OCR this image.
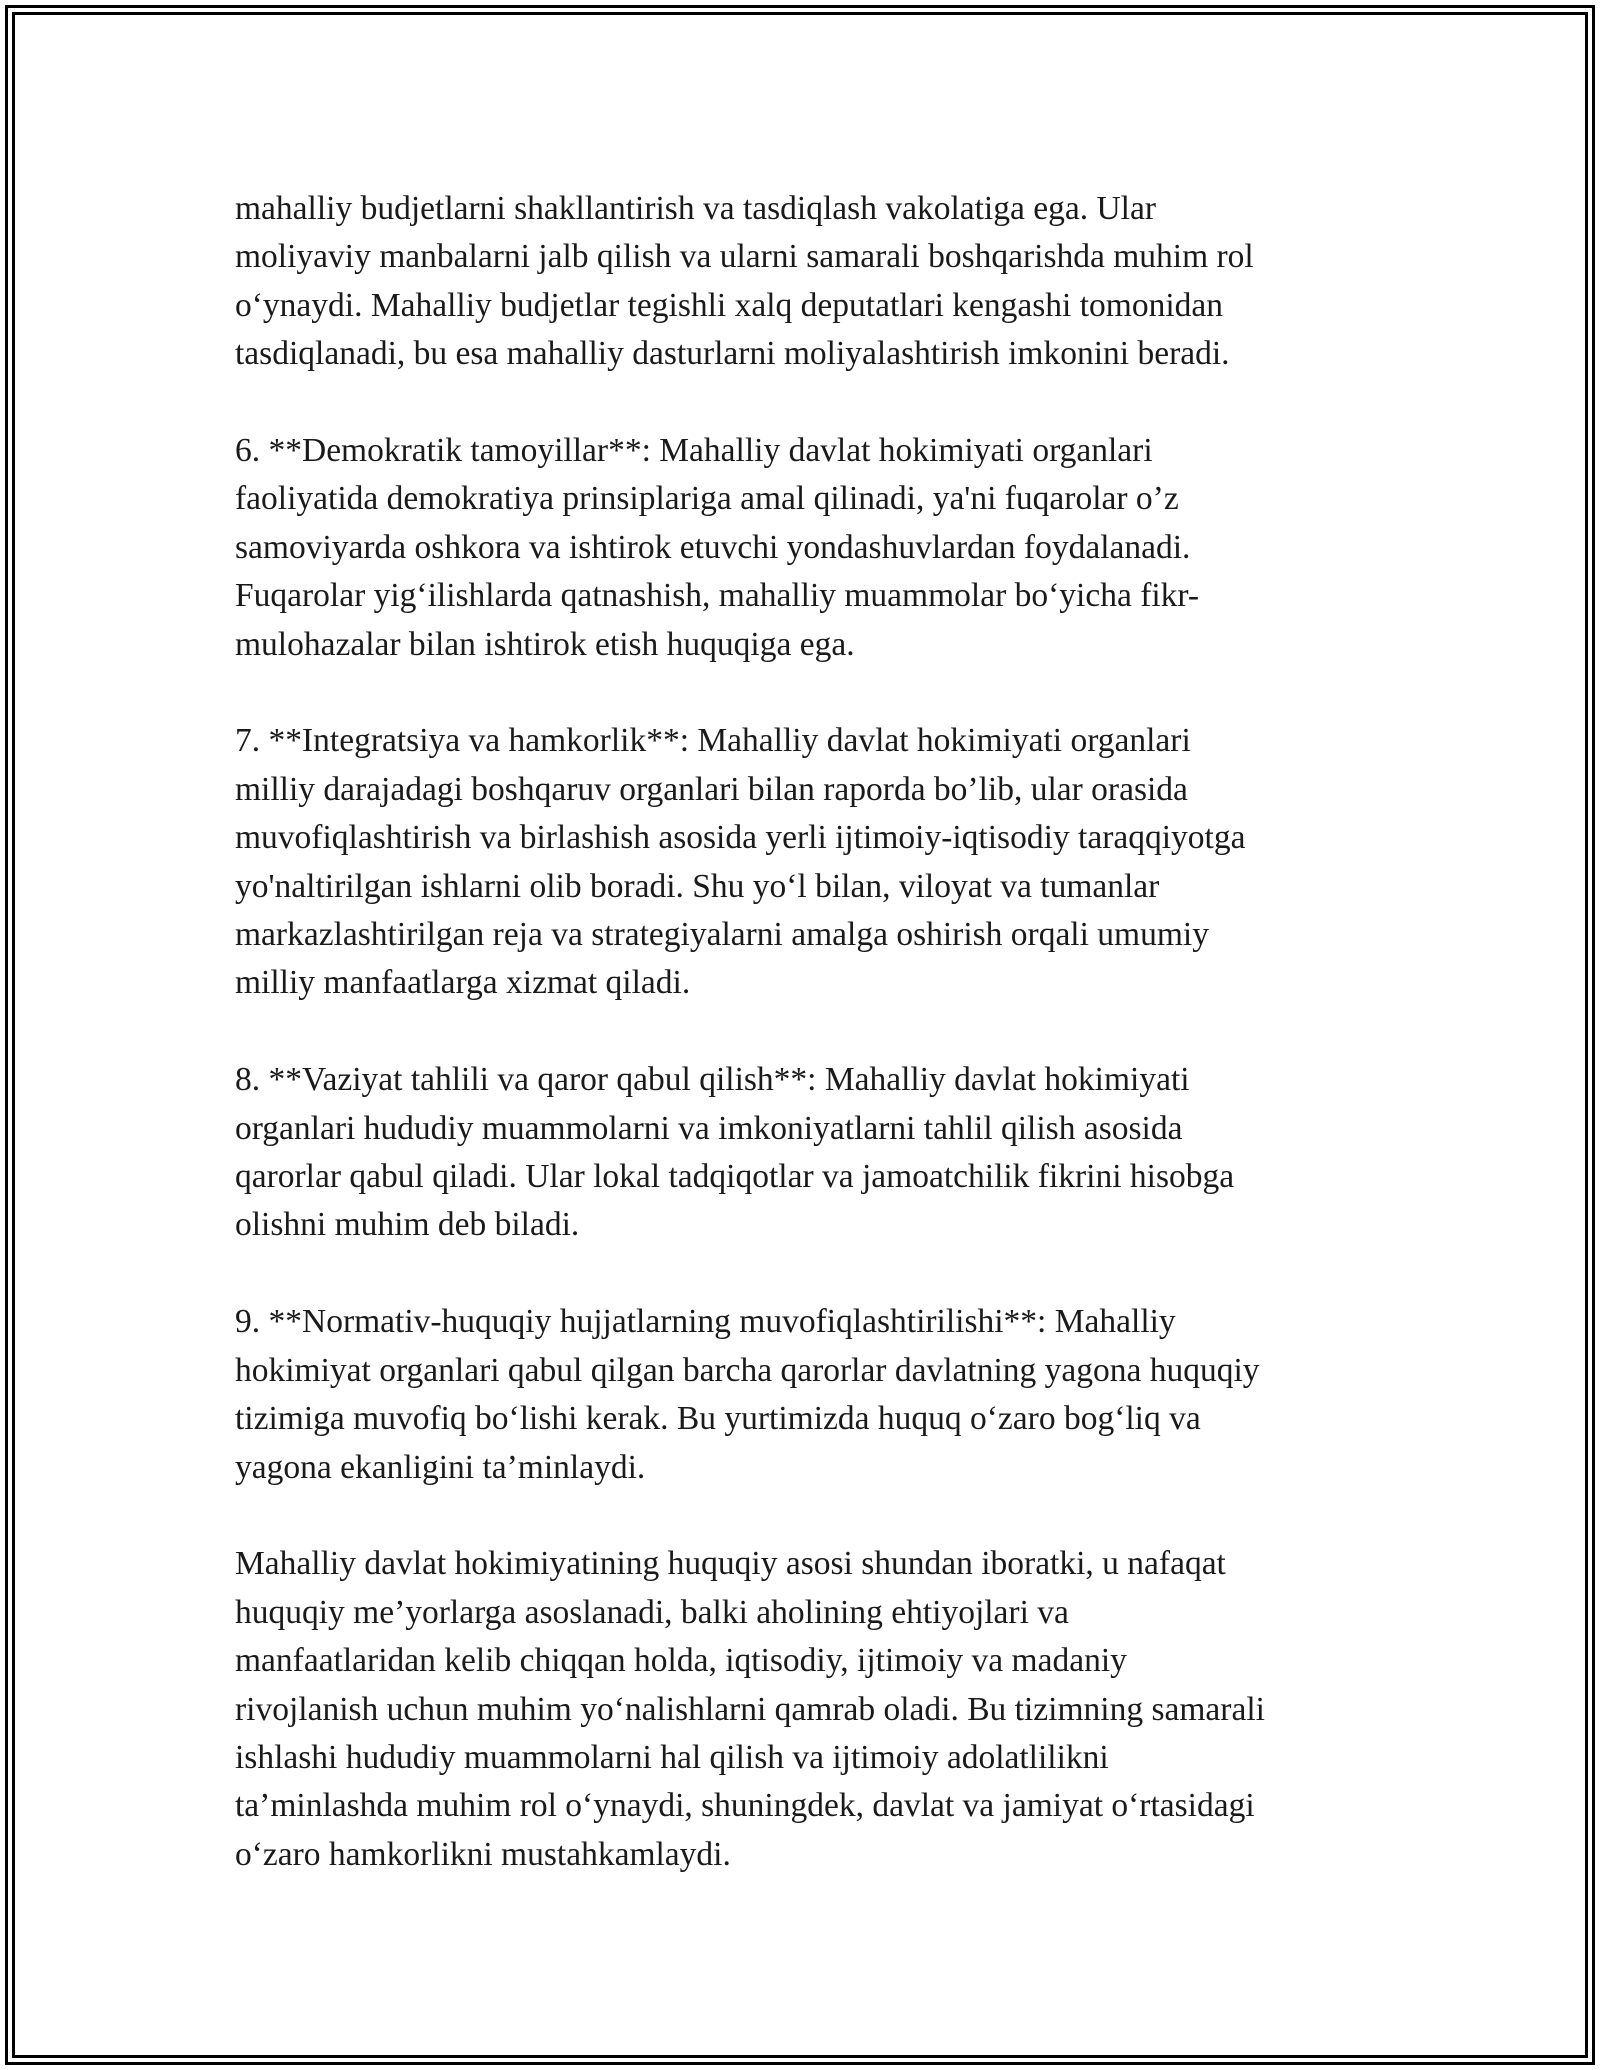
mahalliy budjetlarni shakllantirish va tasdiqlash vakolatiga ega. Ular
moliyaviy manbalarni jalb qilish va ularni samarali boshqarishda muhim rol
o‘ynaydi. Mahalliy budjetlar tegishli xalq deputatlari kengashi tomonidan
tasdiqlanadi, bu esa mahalliy dasturlarni moliyalashtirish imkonini beradi.

6. **Demokratik tamoyillar**: Mahalliy davlat hokimiyati organlari
faoliyatida demokratiya prinsiplariga amal qilinadi, ya'ni fuqarolar o’z
samoviyarda oshkora va ishtirok etuvchi yondashuvlardan foydalanadi.
Fuqarolar yig‘ilishlarda qatnashish, mahalliy muammolar bo‘yicha fikr-
mulohazalar bilan ishtirok etish huquqiga ega.

7. **Integratsiya va hamkorlik**: Mahalliy davlat hokimiyati organlari
milliy darajadagi boshqaruv organlari bilan raporda bo’lib, ular orasida
muvofiqlashtirish va birlashish asosida yerli ijtimoiy-iqtisodiy taraqqiyotga
yo'naltirilgan ishlarni olib boradi. Shu yo‘l bilan, viloyat va tumanlar
markazlashtirilgan reja va strategiyalarni amalga oshirish orqali umumiy
milliy manfaatlarga xizmat qiladi.

8. **Vaziyat tahlili va qaror qabul qilish**: Mahalliy davlat hokimiyati
organlari hududiy muammolarni va imkoniyatlarni tahlil qilish asosida
qarorlar qabul qiladi. Ular lokal tadqiqotlar va jamoatchilik fikrini hisobga
olishni muhim deb biladi.

9. **Normativ-huquqiy hujjatlarning muvofiqlashtirilishi**: Mahalliy
hokimiyat organlari qabul qilgan barcha qarorlar davlatning yagona huquqiy
tizimiga muvofiq bo‘lishi kerak. Bu yurtimizda huquq o‘zaro bog‘liq va
yagona ekanligini ta’minlaydi.

Mahalliy davlat hokimiyatining huquqiy asosi shundan iboratki, u nafaqat
huquqiy me’yorlarga asoslanadi, balki aholining ehtiyojlari va
manfaatlaridan kelib chiqqan holda, iqtisodiy, ijtimoiy va madaniy
rivojlanish uchun muhim yo‘nalishlarni qamrab oladi. Bu tizimning samarali
ishlashi hududiy muammolarni hal qilish va ijtimoiy adolatlilikni
ta’minlashda muhim rol o‘ynaydi, shuningdek, davlat va jamiyat o‘rtasidagi
o‘zaro hamkorlikni mustahkamlaydi.
